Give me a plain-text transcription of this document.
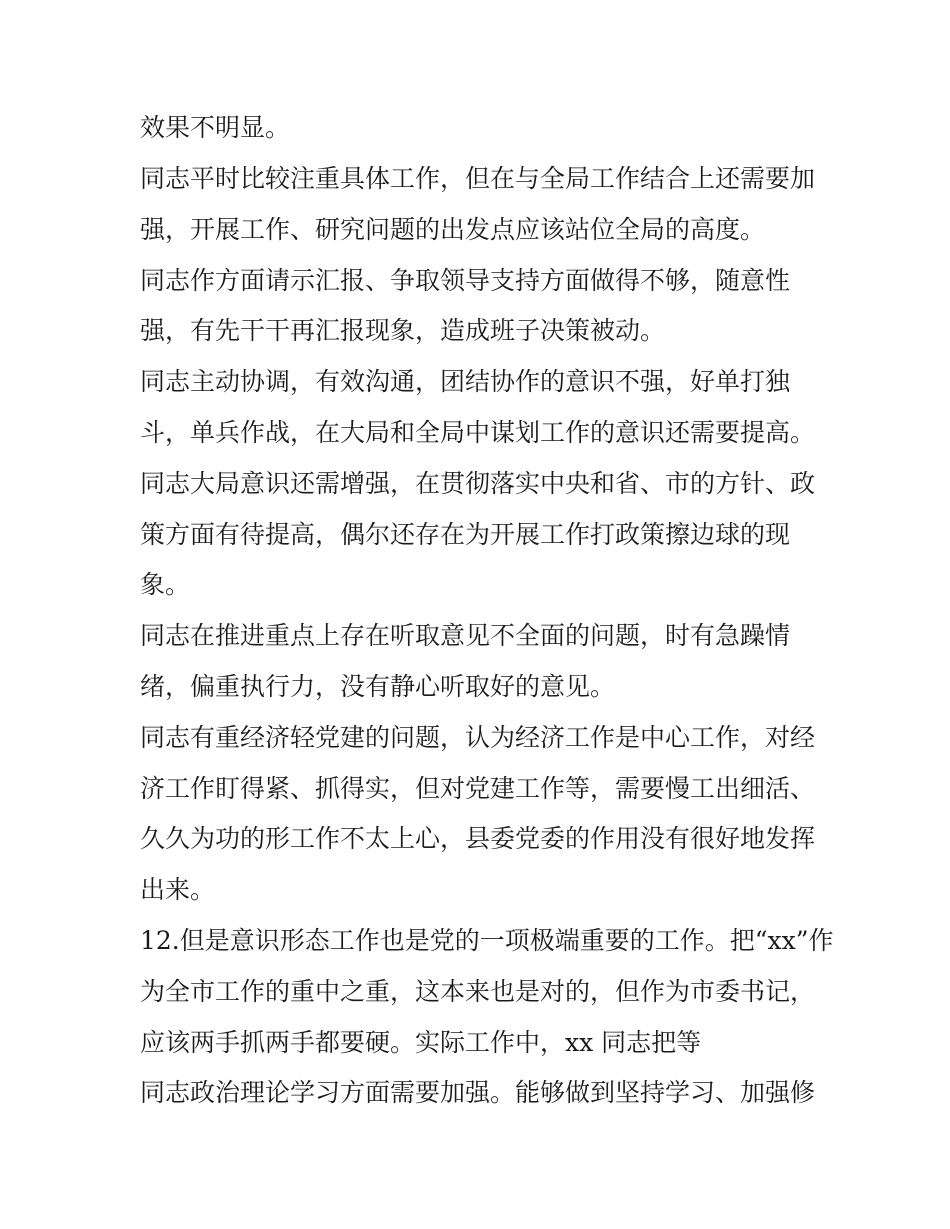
效果不明显。
同志平时比较注重具体工作，但在与全局工作结合上还需要加
强，开展工作、研究问题的出发点应该站位全局的高度。
同志作方面请示汇报、争取领导支持方面做得不够，随意性
强，有先干干再汇报现象，造成班子决策被动。
同志主动协调，有效沟通，团结协作的意识不强，好单打独
斗，单兵作战，在大局和全局中谋划工作的意识还需要提高。
同志大局意识还需增强，在贯彻落实中央和省、市的方针、政
策方面有待提高，偶尔还存在为开展工作打政策擦边球的现
象。
同志在推进重点上存在听取意见不全面的问题，时有急躁情
绪，偏重执行力，没有静心听取好的意见。
同志有重经济轻党建的问题，认为经济工作是中心工作，对经
济工作盯得紧、抓得实，但对党建工作等，需要慢工出细活、
久久为功的形工作不太上心，县委党委的作用没有很好地发挥
出来。
12.但是意识形态工作也是党的一项极端重要的工作。把“xx”作
为全市工作的重中之重，这本来也是对的，但作为市委书记，
应该两手抓两手都要硬。实际工作中，xx 同志把等
同志政治理论学习方面需要加强。能够做到坚持学习、加强修
